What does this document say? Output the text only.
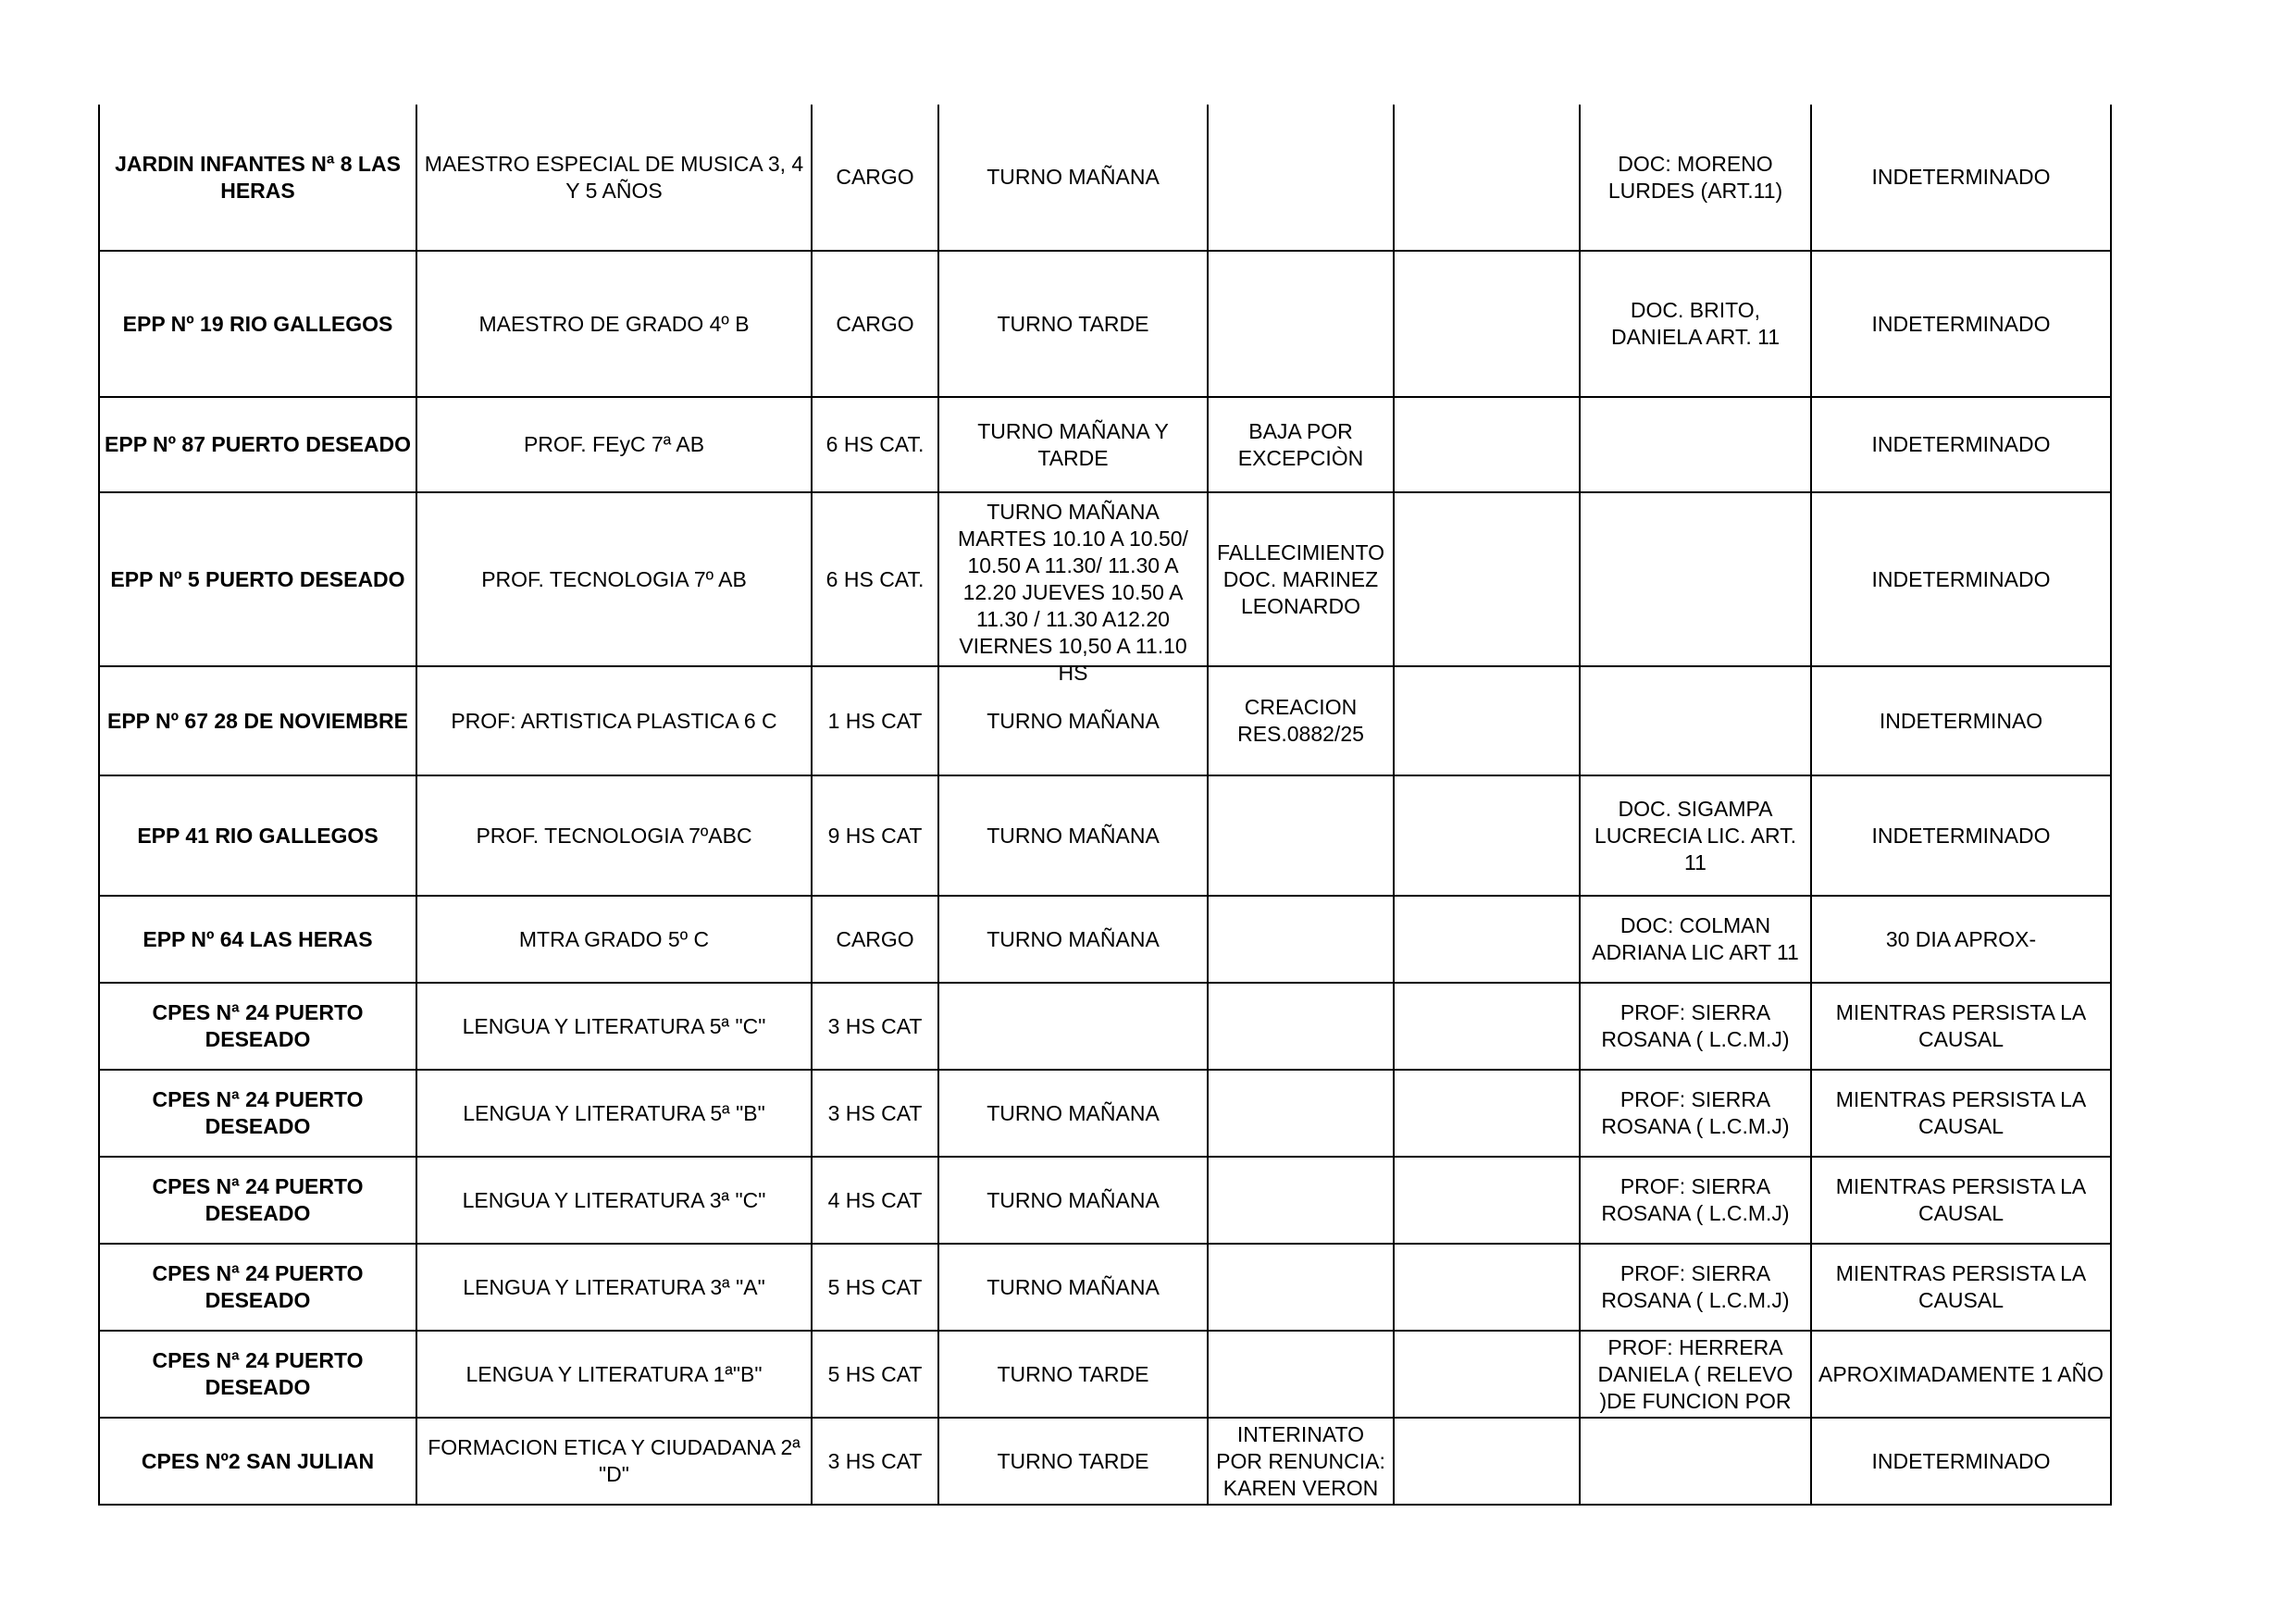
JARDIN INFANTES Nª 8 LAS HERAS	MAESTRO ESPECIAL DE MUSICA 3, 4 Y 5 AÑOS	CARGO	TURNO MAÑANA			DOC: MORENO LURDES (ART.11)	INDETERMINADO
EPP Nº 19 RIO GALLEGOS	MAESTRO DE GRADO 4º B	CARGO	TURNO TARDE			DOC. BRITO, DANIELA ART. 11	INDETERMINADO
EPP Nº 87 PUERTO DESEADO	PROF. FEyC 7ª AB	6 HS CAT.	TURNO MAÑANA Y TARDE	BAJA POR EXCEPCIÒN			INDETERMINADO
EPP Nº 5 PUERTO DESEADO	PROF. TECNOLOGIA 7º AB	6 HS CAT.	TURNO MAÑANA MARTES 10.10 A 10.50/ 10.50 A 11.30/ 11.30 A 12.20 JUEVES 10.50 A 11.30 / 11.30 A12.20 VIERNES 10,50 A 11.10 HS	FALLECIMIENTO DOC. MARINEZ LEONARDO			INDETERMINADO
EPP Nº 67 28 DE NOVIEMBRE	PROF: ARTISTICA PLASTICA 6 C	1 HS CAT	TURNO MAÑANA	CREACION RES.0882/25			INDETERMINAO
EPP 41 RIO GALLEGOS	PROF. TECNOLOGIA 7ºABC	9 HS CAT	TURNO MAÑANA			DOC. SIGAMPA LUCRECIA LIC. ART. 11	INDETERMINADO
EPP Nº 64 LAS HERAS	MTRA GRADO 5º C	CARGO	TURNO MAÑANA			DOC: COLMAN ADRIANA LIC ART 11	30 DIA APROX-
CPES Nª 24 PUERTO DESEADO	LENGUA Y LITERATURA 5ª "C"	3 HS CAT				PROF: SIERRA ROSANA ( L.C.M.J)	MIENTRAS PERSISTA LA CAUSAL
CPES Nª 24 PUERTO DESEADO	LENGUA Y LITERATURA 5ª "B"	3 HS CAT	TURNO MAÑANA			PROF: SIERRA ROSANA ( L.C.M.J)	MIENTRAS PERSISTA LA CAUSAL
CPES Nª 24 PUERTO DESEADO	LENGUA Y LITERATURA 3ª "C"	4 HS CAT	TURNO MAÑANA			PROF: SIERRA ROSANA ( L.C.M.J)	MIENTRAS PERSISTA LA CAUSAL
CPES Nª 24 PUERTO DESEADO	LENGUA Y LITERATURA 3ª "A"	5 HS CAT	TURNO MAÑANA			PROF: SIERRA ROSANA ( L.C.M.J)	MIENTRAS PERSISTA LA CAUSAL
CPES Nª 24 PUERTO DESEADO	LENGUA Y LITERATURA 1ª"B"	5 HS CAT	TURNO TARDE			PROF: HERRERA DANIELA ( RELEVO )DE FUNCION POR	APROXIMADAMENTE 1 AÑO
CPES Nº2 SAN JULIAN	FORMACION ETICA Y CIUDADANA 2ª "D"	3 HS CAT	TURNO TARDE	INTERINATO POR RENUNCIA: KAREN VERON			INDETERMINADO
